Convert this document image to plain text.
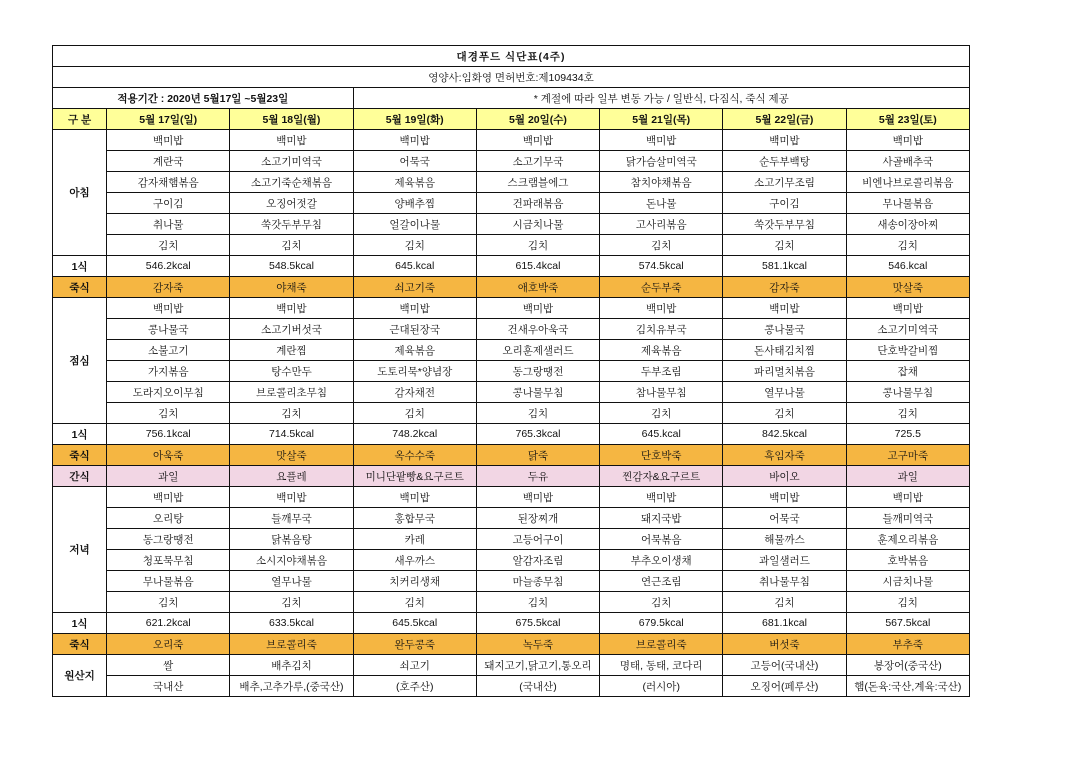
대경푸드 식단표(4주)							
영양사:임화영 면허번호:제109434호							
적용기간 : 2020년 5월17일 ~5월23일			* 계절에 따라 일부 변동 가능 / 일반식, 다짐식, 죽식 제공				
구 분	5월 17일(일)	5월 18일(월)	5월 19일(화)	5월 20일(수)	5월 21일(목)	5월 22일(금)	5월 23일(토)
아침	백미밥	백미밥	백미밥	백미밥	백미밥	백미밥	백미밥
	계란국	소고기미역국	어묵국	소고기무국	닭가슴살미역국	순두부백탕	사골배추국
	감자채햄볶음	소고기죽순채볶음	제육볶음	스크램블에그	참치야채볶음	소고기무조림	비엔나브로콜리볶음
	구이김	오징어젓갈	양배추찜	건파래볶음	돈나물	구이김	무나물볶음
	취나물	쑥갓두부무침	얼갈이나물	시금치나물	고사리볶음	쑥갓두부무침	새송이장아찌
	김치	김치	김치	김치	김치	김치	김치
1식	546.2kcal	548.5kcal	645.kcal	615.4kcal	574.5kcal	581.1kcal	546.kcal
죽식	감자죽	야채죽	쇠고기죽	애호박죽	순두부죽	감자죽	맛살죽
점심	백미밥	백미밥	백미밥	백미밥	백미밥	백미밥	백미밥
	콩나물국	소고기버섯국	근대된장국	건새우아욱국	김치유부국	콩나물국	소고기미역국
	소불고기	계란찜	제육볶음	오리훈제샐러드	제육볶음	돈사태김치찜	단호박갈비찜
	가지볶음	탕수만두	도토리묵*양념장	동그랑땡전	두부조림	파리멸치볶음	잡채
	도라지오이무침	브로콜리초무침	감자채전	콩나물무침	참나물무침	열무나물	콩나물무침
	김치	김치	김치	김치	김치	김치	김치
1식	756.1kcal	714.5kcal	748.2kcal	765.3kcal	645.kcal	842.5kcal	725.5
죽식	아욱죽	맛살죽	옥수수죽	닭죽	단호박죽	흑임자죽	고구마죽
간식	과일	요플레	미니단팥빵&요구르트	두유	찐감자&요구르트	바이오	과일
저녁	백미밥	백미밥	백미밥	백미밥	백미밥	백미밥	백미밥
	오리탕	들깨무국	홍합무국	된장찌개	돼지국밥	어묵국	들깨미역국
	동그랑땡전	닭볶음탕	카레	고등어구이	어묵볶음	해물까스	훈제오리볶음
	청포묵무침	소시지야채볶음	새우까스	알감자조림	부추오이생채	과일샐러드	호박볶음
	무나물볶음	열무나물	치커리생채	마늘종무침	연근조림	취나물무침	시금치나물
	김치	김치	김치	김치	김치	김치	김치
1식	621.2kcal	633.5kcal	645.5kcal	675.5kcal	679.5kcal	681.1kcal	567.5kcal
죽식	오리죽	브로콜리죽	완두콩죽	녹두죽	브로콜리죽	버섯죽	부추죽
원산지	쌀	배추김치	쇠고기	돼지고기,닭고기,통오리	명태, 동태, 코다리	고등어(국내산)	봉장어(중국산)
	국내산	배추,고추가루,(중국산)	(호주산)	(국내산)	(러시아)	오징어(페루산)	햄(돈육:국산,계육:국산)
